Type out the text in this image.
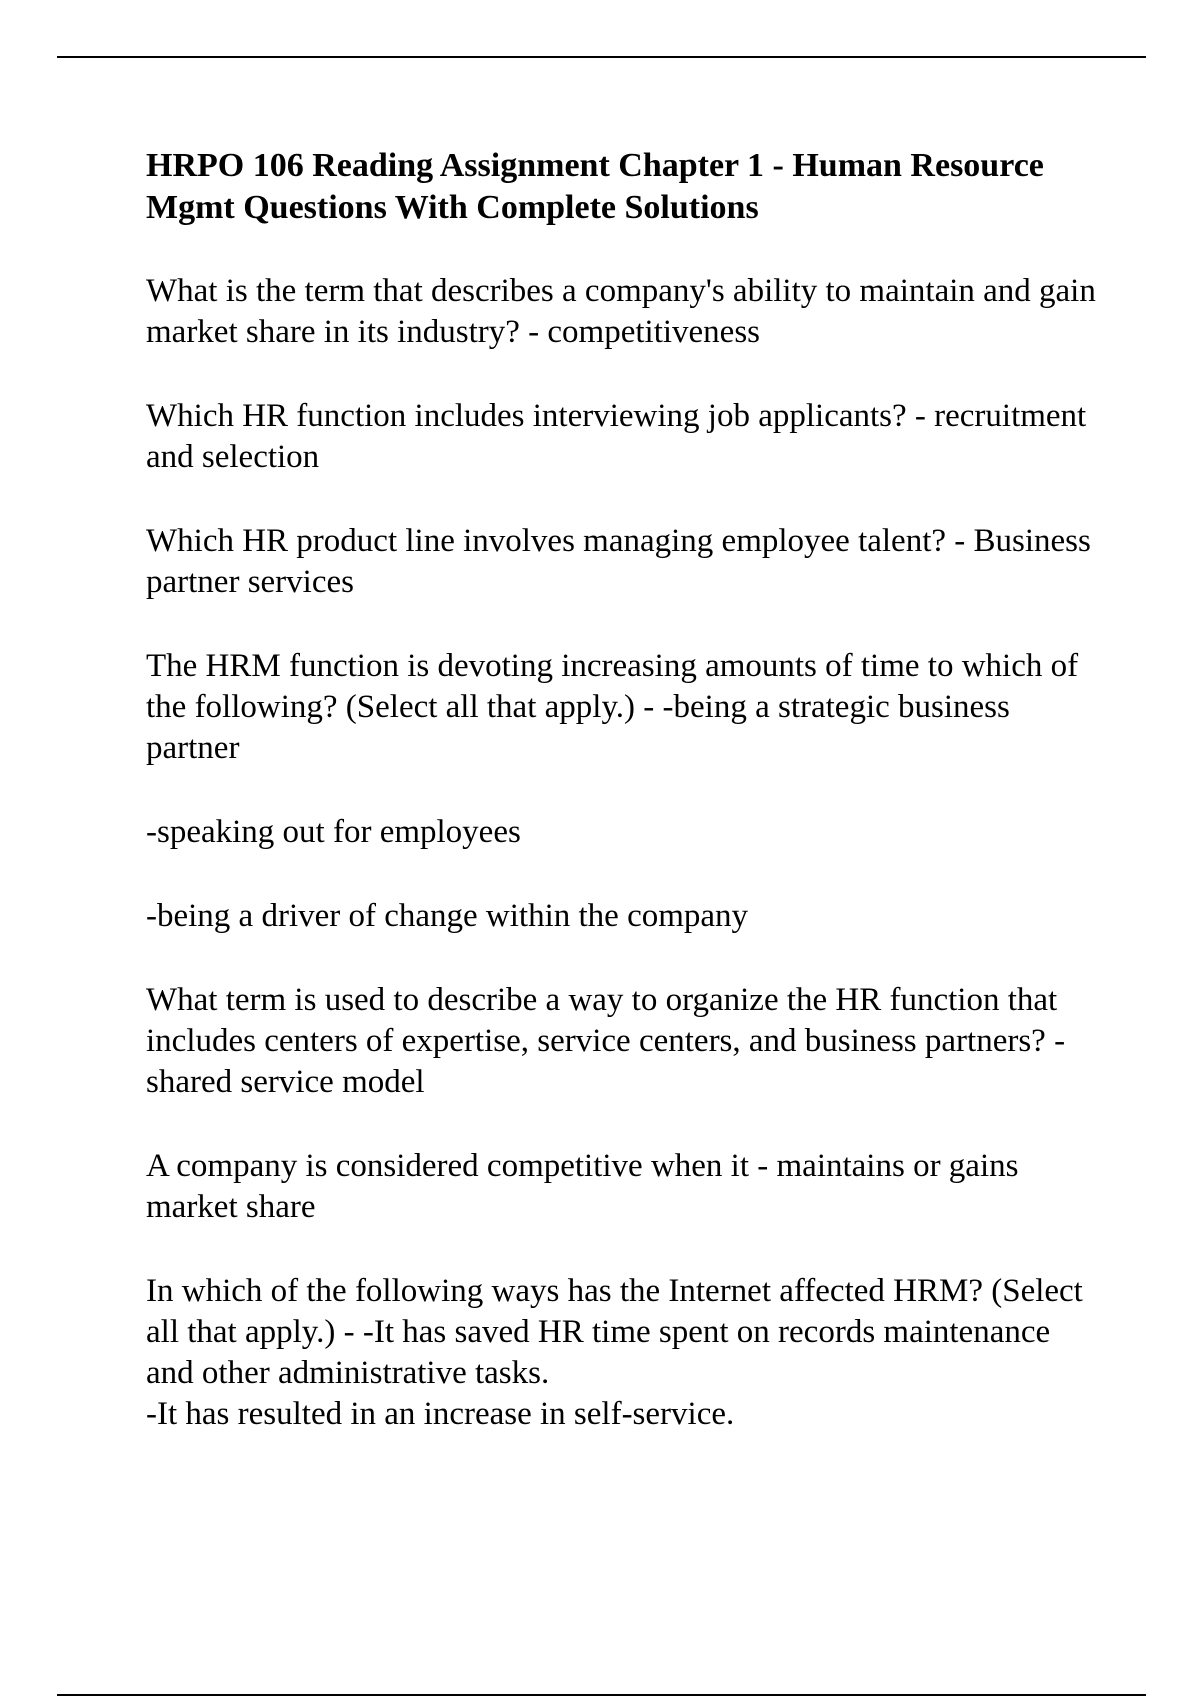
HRPO 106 Reading Assignment Chapter 1 - Human Resource Mgmt Questions With Complete Solutions
What is the term that describes a company's ability to maintain and gain market share in its industry? - competitiveness
Which HR function includes interviewing job applicants? - recruitment and selection
Which HR product line involves managing employee talent? - Business partner services
The HRM function is devoting increasing amounts of time to which of the following? (Select all that apply.) - -being a strategic business partner
-speaking out for employees
-being a driver of change within the company
What term is used to describe a way to organize the HR function that includes centers of expertise, service centers, and business partners? - shared service model
A company is considered competitive when it - maintains or gains market share
In which of the following ways has the Internet affected HRM? (Select all that apply.) - -It has saved HR time spent on records maintenance and other administrative tasks.
-It has resulted in an increase in self-service.
